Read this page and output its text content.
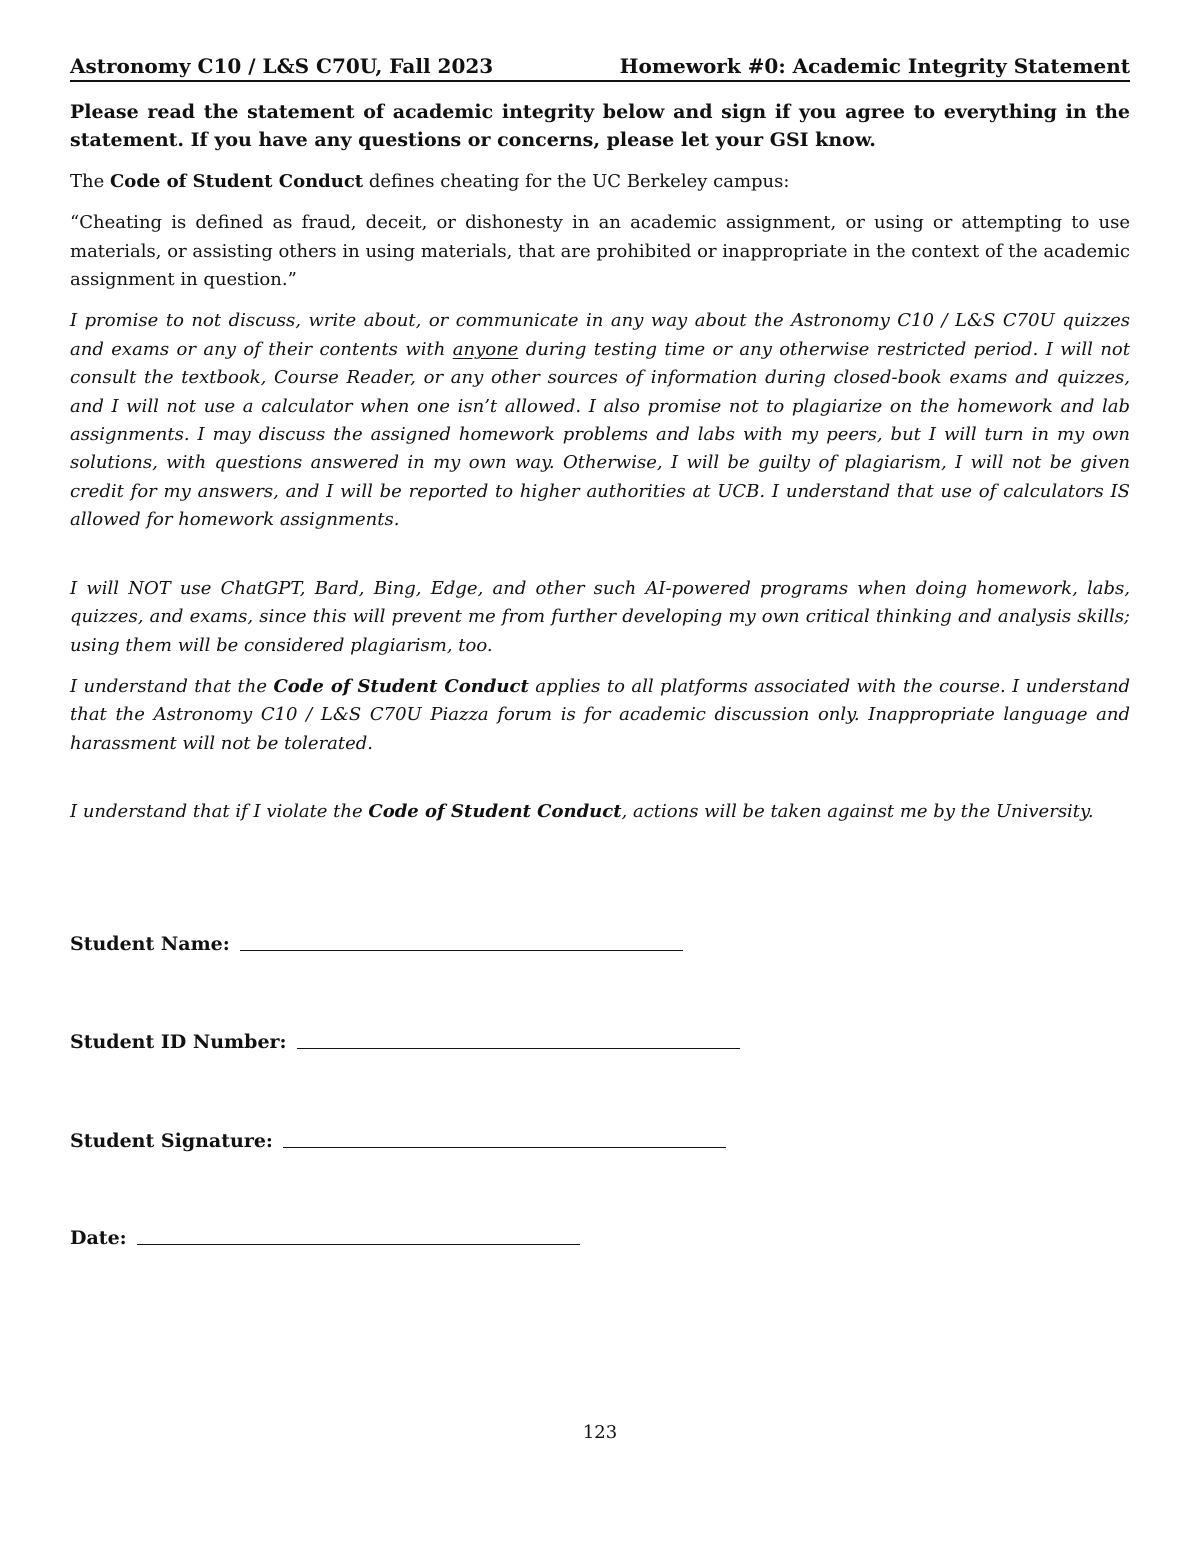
Astronomy C10 / L&S C70U, Fall 2023	Homework #0: Academic Integrity Statement

Please read the statement of academic integrity below and sign if you agree to everything in the statement. If you have any questions or concerns, please let your GSI know.

The Code of Student Conduct defines cheating for the UC Berkeley campus:

“Cheating is defined as fraud, deceit, or dishonesty in an academic assignment, or using or attempting to use materials, or assisting others in using materials, that are prohibited or inappropriate in the context of the academic assignment in question.”

I promise to not discuss, write about, or communicate in any way about the Astronomy C10 / L&S C70U quizzes and exams or any of their contents with anyone during testing time or any otherwise restricted period. I will not consult the textbook, Course Reader, or any other sources of information during closed-book exams and quizzes, and I will not use a calculator when one isn’t allowed. I also promise not to plagiarize on the homework and lab assignments. I may discuss the assigned homework problems and labs with my peers, but I will turn in my own solutions, with questions answered in my own way. Otherwise, I will be guilty of plagiarism, I will not be given credit for my answers, and I will be reported to higher authorities at UCB. I understand that use of calculators IS allowed for homework assignments.

I will NOT use ChatGPT, Bard, Bing, Edge, and other such AI-powered programs when doing homework, labs, quizzes, and exams, since this will prevent me from further developing my own critical thinking and analysis skills; using them will be considered plagiarism, too.

I understand that the Code of Student Conduct applies to all platforms associated with the course. I understand that the Astronomy C10 / L&S C70U Piazza forum is for academic discussion only. Inappropriate language and harassment will not be tolerated.

I understand that if I violate the Code of Student Conduct, actions will be taken against me by the University.

Student Name:
Student ID Number:
Student Signature:
Date:
123
